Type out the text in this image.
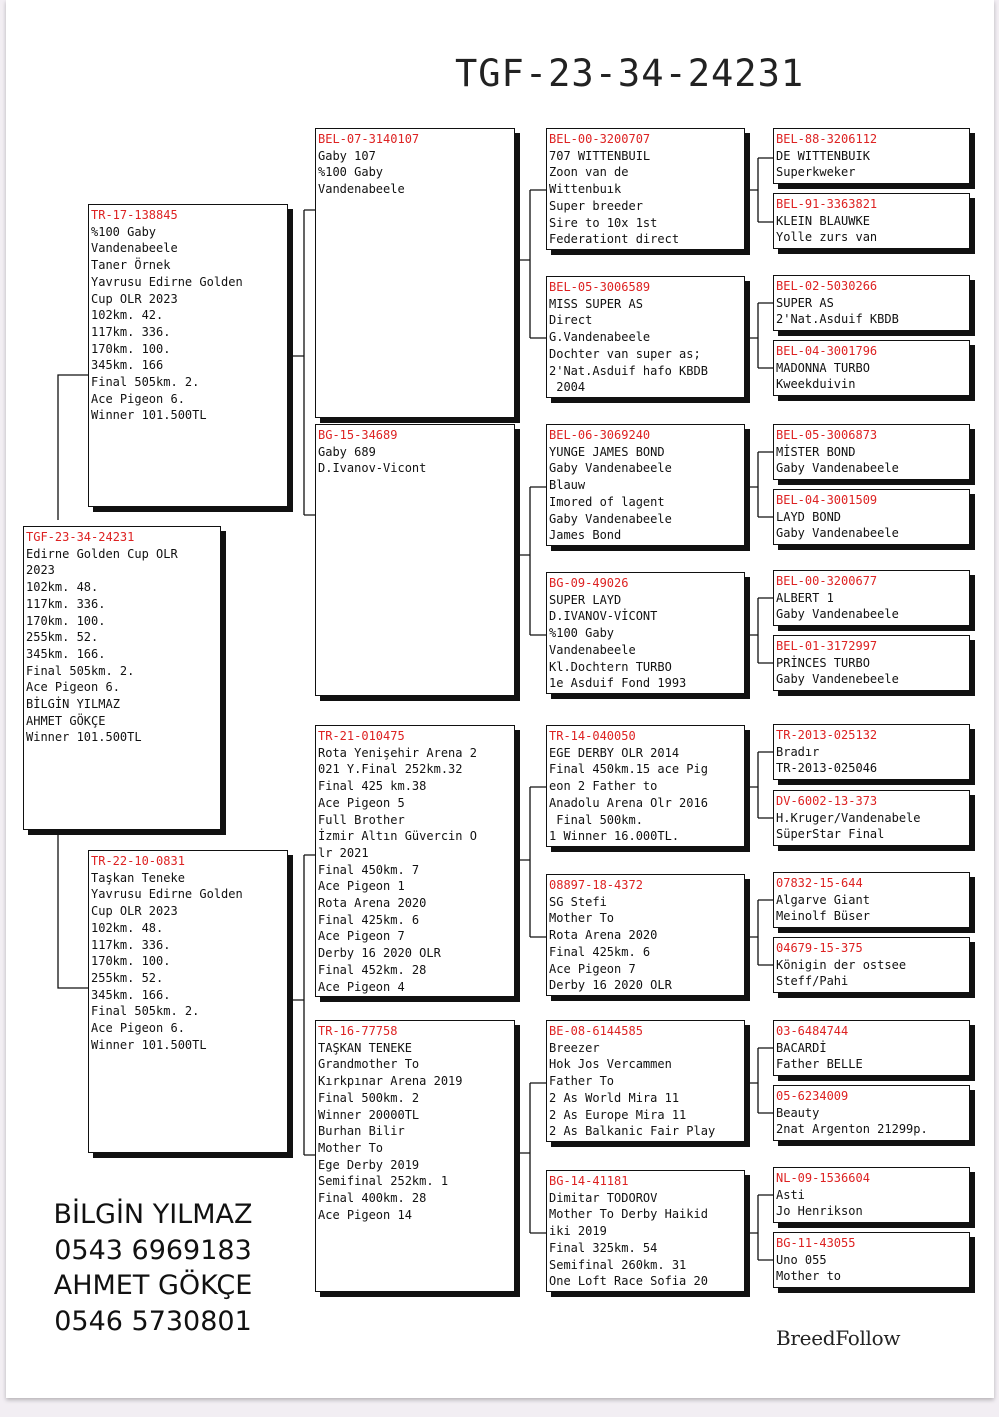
TGF-23-34-24231
TGF-23-34-24231
Edirne Golden Cup OLR
2023
102km. 48.
117km. 336.
170km. 100.
255km. 52.
345km. 166.
Final 505km. 2.
Ace Pigeon 6.
BİLGİN YILMAZ
AHMET GÖKÇE
Winner 101.500TL
TR-17-138845
%100 Gaby
Vandenabeele
Taner Örnek
Yavrusu Edirne Golden
Cup OLR 2023
102km. 42.
117km. 336.
170km. 100.
345km. 166
Final 505km. 2.
Ace Pigeon 6.
Winner 101.500TL
TR-22-10-0831
Taşkan Teneke
Yavrusu Edirne Golden
Cup OLR 2023
102km. 48.
117km. 336.
170km. 100.
255km. 52.
345km. 166.
Final 505km. 2.
Ace Pigeon 6.
Winner 101.500TL
BEL-07-3140107
Gaby 107
%100 Gaby
Vandenabeele
BG-15-34689
Gaby 689
D.Ivanov-Vicont
TR-21-010475
Rota Yenişehir Arena 2
021 Y.Final 252km.32
Final 425 km.38
Ace Pigeon 5
Full Brother
İzmir Altın Güvercin O
lr 2021
Final 450km. 7
Ace Pigeon 1
Rota Arena 2020
Final 425km. 6
Ace Pigeon 7
Derby 16 2020 OLR
Final 452km. 28
Ace Pigeon 4
TR-16-77758
TAŞKAN TENEKE
Grandmother To
Kırkpınar Arena 2019
Final 500km. 2
Winner 20000TL
Burhan Bilir
Mother To
Ege Derby 2019
Semifinal 252km. 1
Final 400km. 28
Ace Pigeon 14
BEL-00-3200707
707 WITTENBUIL
Zoon van de
Wittenbuık
Super breeder
Sire to 10x 1st
Federationt direct
BEL-05-3006589
MISS SUPER AS
Direct
G.Vandenabeele
Dochter van super as;
2'Nat.Asduif hafo KBDB
2004
BEL-06-3069240
YUNGE JAMES BOND
Gaby Vandenabeele
Blauw
Imored of lagent
Gaby Vandenabeele
James Bond
BG-09-49026
SUPER LAYD
D.IVANOV-VİCONT
%100 Gaby
Vandenabeele
Kl.Dochtern TURBO
1e Asduif Fond 1993
TR-14-040050
EGE DERBY OLR 2014
Final 450km.15 ace Pig
eon 2 Father to
Anadolu Arena Olr 2016
Final 500km.
1 Winner 16.000TL.
08897-18-4372
SG Stefi
Mother To
Rota Arena 2020
Final 425km. 6
Ace Pigeon 7
Derby 16 2020 OLR
BE-08-6144585
Breezer
Hok Jos Vercammen
Father To
2 As World Mira 11
2 As Europe Mira 11
2 As Balkanic Fair Play
BG-14-41181
Dimitar TODOROV
Mother To Derby Haikid
iki 2019
Final 325km. 54
Semifinal 260km. 31
One Loft Race Sofia 20
BEL-88-3206112
DE WITTENBUIK
Superkweker
BEL-91-3363821
KLEIN BLAUWKE
Yolle zurs van
BEL-02-5030266
SUPER AS
2'Nat.Asduif KBDB
BEL-04-3001796
MADONNA TURBO
Kweekduivin
BEL-05-3006873
MİSTER BOND
Gaby Vandenabeele
BEL-04-3001509
LAYD BOND
Gaby Vandenabeele
BEL-00-3200677
ALBERT 1
Gaby Vandenabeele
BEL-01-3172997
PRİNCES TURBO
Gaby Vandenebeele
TR-2013-025132
Bradır
TR-2013-025046
DV-6002-13-373
H.Kruger/Vandenabele
SüperStar Final
07832-15-644
Algarve Giant
Meinolf Büser
04679-15-375
Königin der ostsee
Steff/Pahi
03-6484744
BACARDİ
Father BELLE
05-6234009
Beauty
2nat Argenton 21299p.
NL-09-1536604
Asti
Jo Henrikson
BG-11-43055
Uno 055
Mother to
BİLGİN YILMAZ
0543 6969183
AHMET GÖKÇE
0546 5730801
BreedFollow
